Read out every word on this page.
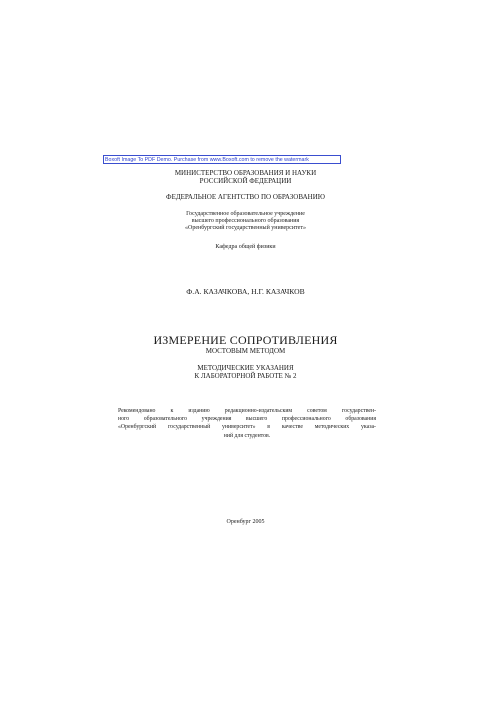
Boxoft Image To PDF Demo. Purchase from www.Boxoft.com to remove the watermark
МИНИСТЕРСТВО ОБРАЗОВАНИЯ И НАУКИ
РОССИЙСКОЙ ФЕДЕРАЦИИ
ФЕДЕРАЛЬНОЕ АГЕНТСТВО ПО ОБРАЗОВАНИЮ
Государственное образовательное учреждение
высшего профессионального образования
«Оренбургский государственный университет»
Кафедра общей физики
Ф.А. КАЗАЧКОВА, Н.Г. КАЗАЧКОВ
ИЗМЕРЕНИЕ СОПРОТИВЛЕНИЯ
МОСТОВЫМ МЕТОДОМ
МЕТОДИЧЕСКИЕ УКАЗАНИЯ
К ЛАБОРАТОРНОЙ РАБОТЕ № 2
Рекомендовано к изданию редакционно-издательским советом государствен-
ного образовательного учреждения высшего профессионального образования
«Оренбургский государственный университет» в качестве методических указа-
ний для студентов.
Оренбург 2005
